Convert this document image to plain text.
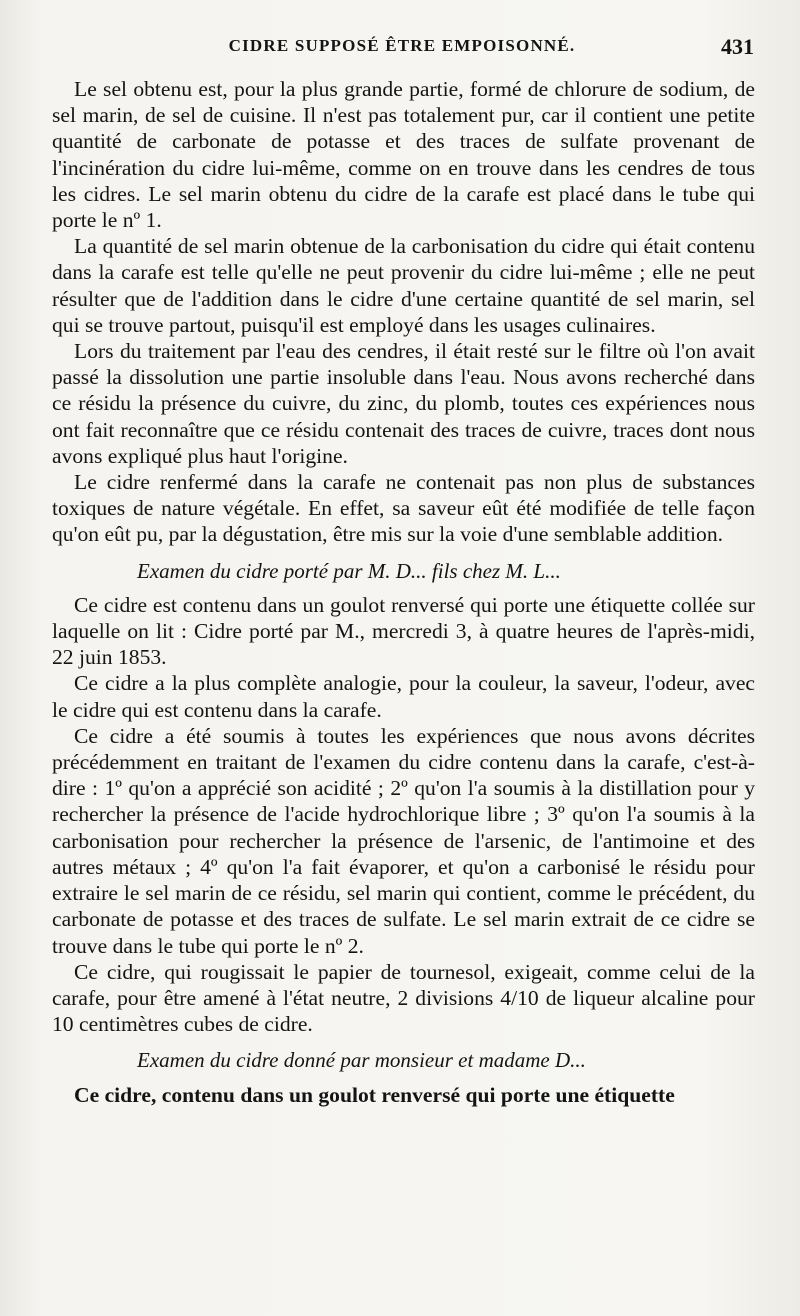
CIDRE SUPPOSÉ ÊTRE EMPOISONNÉ.	431

Le sel obtenu est, pour la plus grande partie, formé de chlorure de sodium, de sel marin, de sel de cuisine. Il n'est pas totalement pur, car il contient une petite quantité de carbonate de potasse et des traces de sulfate provenant de l'incinération du cidre lui-même, comme on en trouve dans les cendres de tous les cidres. Le sel marin obtenu du cidre de la carafe est placé dans le tube qui porte le nº 1.

La quantité de sel marin obtenue de la carbonisation du cidre qui était contenu dans la carafe est telle qu'elle ne peut provenir du cidre lui-même ; elle ne peut résulter que de l'addition dans le cidre d'une certaine quantité de sel marin, sel qui se trouve partout, puisqu'il est employé dans les usages culinaires.

Lors du traitement par l'eau des cendres, il était resté sur le filtre où l'on avait passé la dissolution une partie insoluble dans l'eau. Nous avons recherché dans ce résidu la présence du cuivre, du zinc, du plomb, toutes ces expériences nous ont fait reconnaître que ce résidu contenait des traces de cuivre, traces dont nous avons expliqué plus haut l'origine.

Le cidre renfermé dans la carafe ne contenait pas non plus de substances toxiques de nature végétale. En effet, sa saveur eût été modifiée de telle façon qu'on eût pu, par la dégustation, être mis sur la voie d'une semblable addition.

Examen du cidre porté par M. D... fils chez M. L...

Ce cidre est contenu dans un goulot renversé qui porte une étiquette collée sur laquelle on lit : Cidre porté par M., mercredi 3, à quatre heures de l'après-midi, 22 juin 1853.

Ce cidre a la plus complète analogie, pour la couleur, la saveur, l'odeur, avec le cidre qui est contenu dans la carafe.

Ce cidre a été soumis à toutes les expériences que nous avons décrites précédemment en traitant de l'examen du cidre contenu dans la carafe, c'est-à-dire : 1º qu'on a apprécié son acidité ; 2º qu'on l'a soumis à la distillation pour y rechercher la présence de l'acide hydrochlorique libre ; 3º qu'on l'a soumis à la carbonisation pour rechercher la présence de l'arsenic, de l'antimoine et des autres métaux ; 4º qu'on l'a fait évaporer, et qu'on a carbonisé le résidu pour extraire le sel marin de ce résidu, sel marin qui contient, comme le précédent, du carbonate de potasse et des traces de sulfate. Le sel marin extrait de ce cidre se trouve dans le tube qui porte le nº 2.

Ce cidre, qui rougissait le papier de tournesol, exigeait, comme celui de la carafe, pour être amené à l'état neutre, 2 divisions 4/10 de liqueur alcaline pour 10 centimètres cubes de cidre.

Examen du cidre donné par monsieur et madame D...

Ce cidre, contenu dans un goulot renversé qui porte une étiquette
